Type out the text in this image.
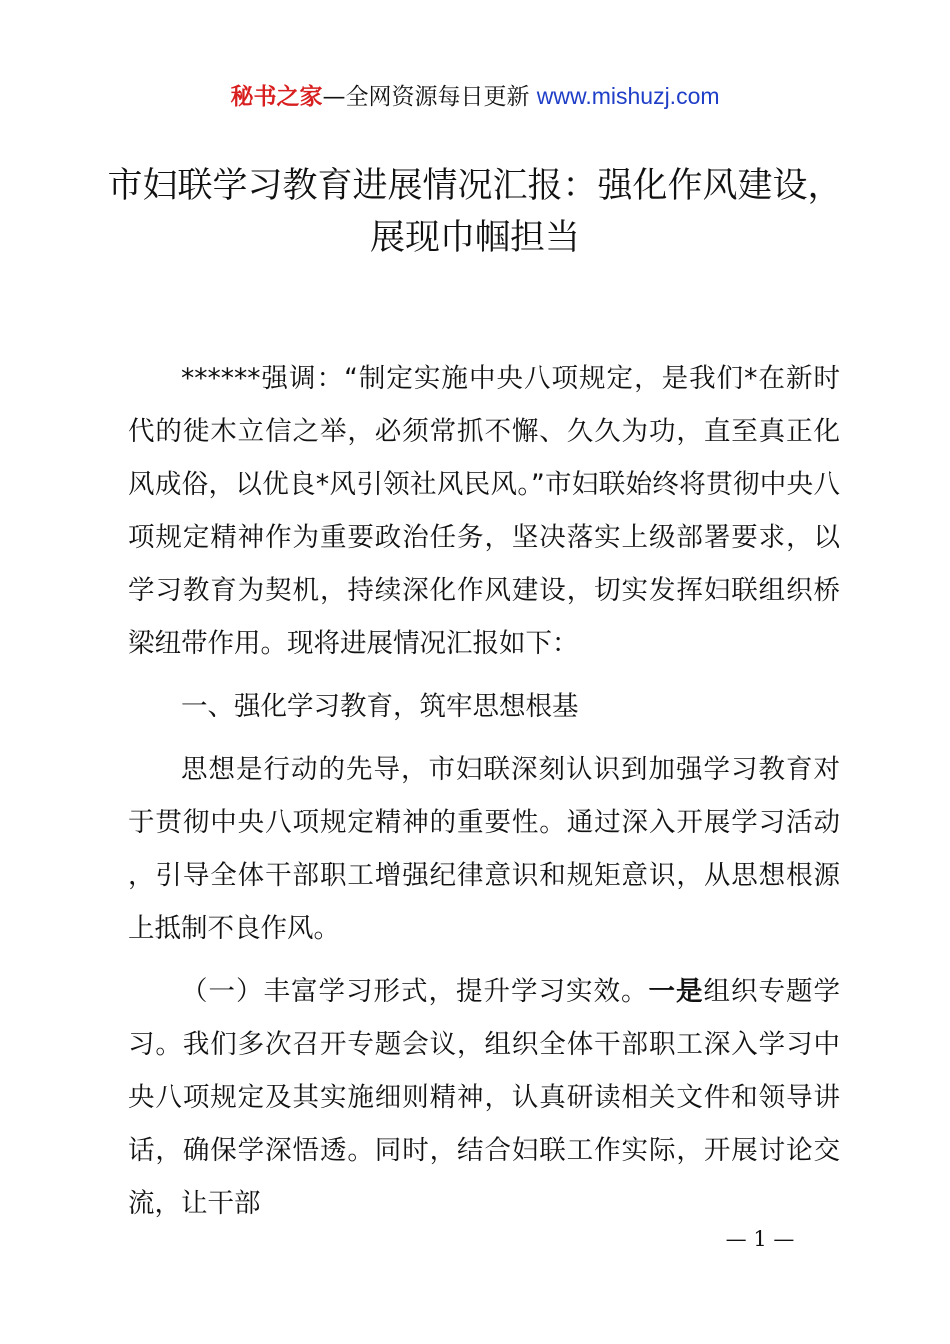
秘书之家—全网资源每日更新 www.mishuzj.com
市妇联学习教育进展情况汇报：强化作风建设，
展现巾帼担当

******强调：“制定实施中央八项规定，是我们*在新时代的徙木立信之举，必须常抓不懈、久久为功，直至真正化风成俗，以优良*风引领社风民风。”市妇联始终将贯彻中央八项规定精神作为重要政治任务，坚决落实上级部署要求，以学习教育为契机，持续深化作风建设，切实发挥妇联组织桥梁纽带作用。现将进展情况汇报如下：

一、强化学习教育，筑牢思想根基

思想是行动的先导，市妇联深刻认识到加强学习教育对于贯彻中央八项规定精神的重要性。通过深入开展学习活动，引导全体干部职工增强纪律意识和规矩意识，从思想根源上抵制不良作风。

（一）丰富学习形式，提升学习实效。一是组织专题学习。我们多次召开专题会议，组织全体干部职工深入学习中央八项规定及其实施细则精神，认真研读相关文件和领导讲话，确保学深悟透。同时，结合妇联工作实际，开展讨论交流，让干部

— 1 —
